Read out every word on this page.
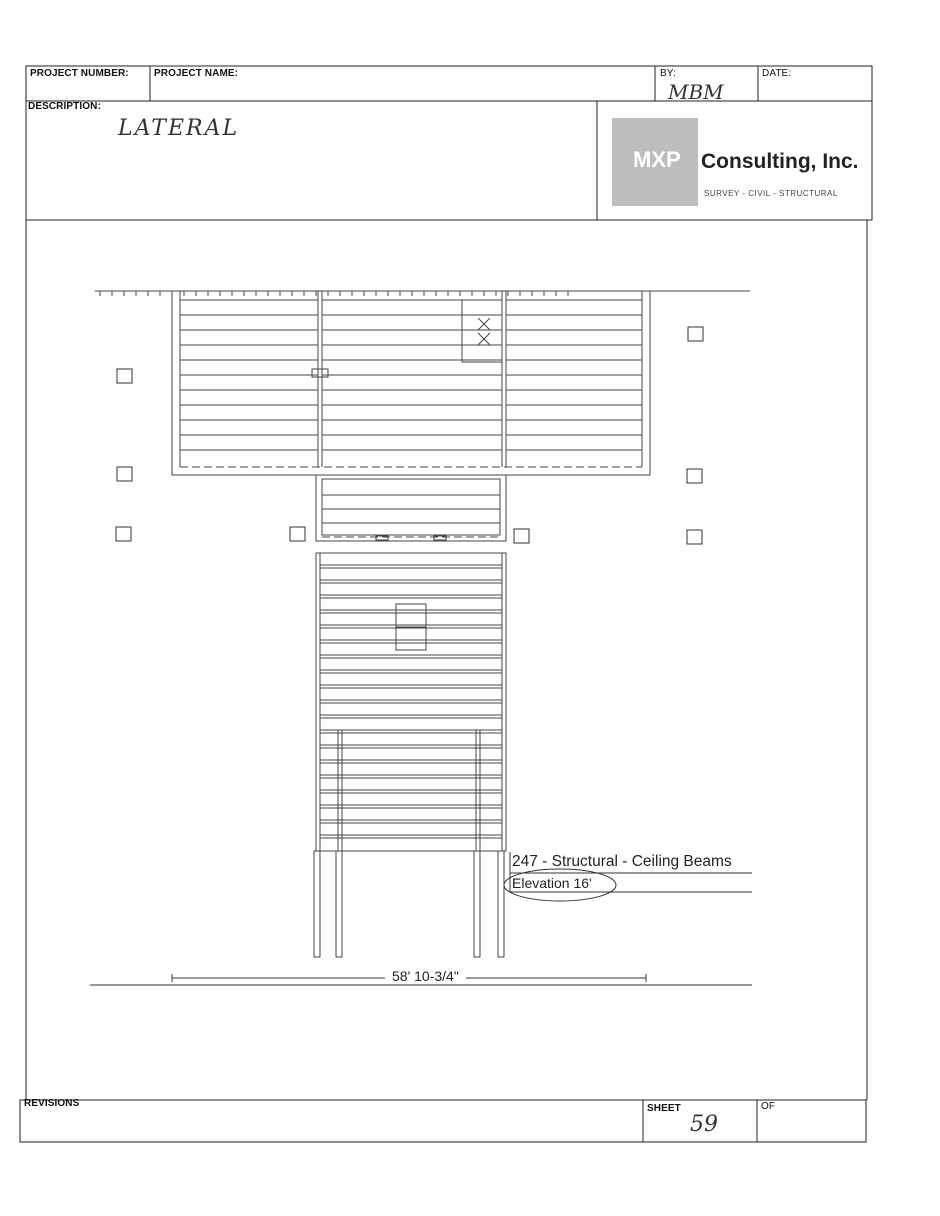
PROJECT NUMBER:	PROJECT NAME:	BY:
MBM
DATE:
DESCRIPTION:
LATERAL
MXP Consulting, Inc.
SURVEY - CIVIL - STRUCTURAL
247 - Structural - Ceiling Beams
Elevation 16'
58' 10-3/4"
REVISIONS	SHEET
59
OF
